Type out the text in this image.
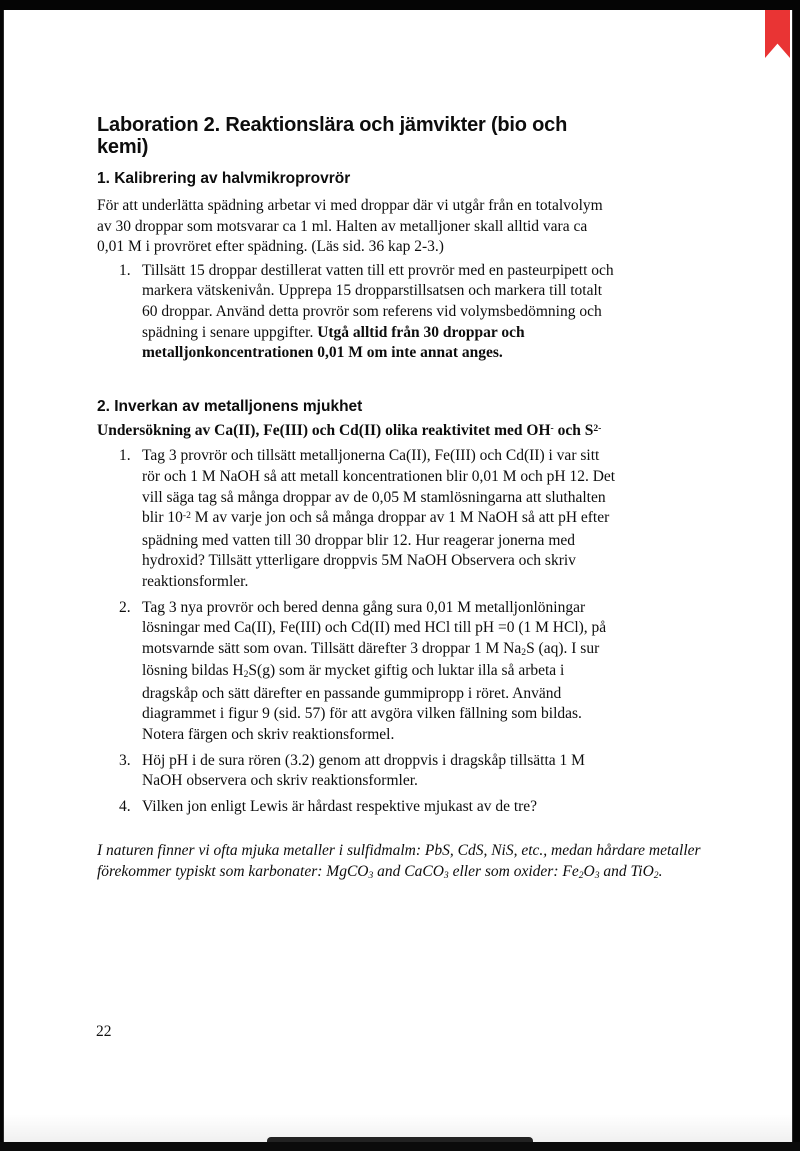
Laboration 2. Reaktionslära och jämvikter (bio och kemi)
1. Kalibrering av halvmikroprovrör

För att underlätta spädning arbetar vi med droppar där vi utgår från en totalvolym av 30 droppar som motsvarar ca 1 ml. Halten av metalljoner skall alltid vara ca 0,01 M i provröret efter spädning. (Läs sid. 36 kap 2-3.)

1. Tillsätt 15 droppar destillerat vatten till ett provrör med en pasteurpipett och markera vätskenivån. Upprepa 15 dropparstillsatsen och markera till totalt 60 droppar. Använd detta provrör som referens vid volymsbedömning och spädning i senare uppgifter. Utgå alltid från 30 droppar och metalljonkoncentrationen 0,01 M om inte annat anges.
2. Inverkan av metalljonens mjukhet

Undersökning av Ca(II), Fe(III) och Cd(II) olika reaktivitet med OH- och $S^{2-}$

1. Tag 3 provrör och tillsätt metalljonerna Ca(II), Fe(III) och Cd(II) i var sitt rör och 1 M NaOH så att metall koncentrationen blir 0,01 M och pH 12. Det vill säga tag så många droppar av de 0,05 M stamlösningarna att sluthalten blir $10^{-2}$ M av varje jon och så många droppar av 1 M NaOH så att pH efter spädning med vatten till 30 droppar blir 12. Hur reagerar jonerna med hydroxid? Tillsätt ytterligare droppvis 5M NaOH Observera och skriv reaktionsformler.
2. Tag 3 nya provrör och bered denna gång sura 0,01 M metalljonlöningar lösningar med Ca(II), Fe(III) och Cd(II) med HCl till pH =0 (1 M HCl), på motsvarnde sätt som ovan. Tillsätt därefter 3 droppar 1 M Na2S (aq). I sur lösning bildas H2S(g) som är mycket giftig och luktar illa så arbeta i dragskåp och sätt därefter en passande gummipropp i röret. Använd diagrammet i figur 9 (sid. 57) för att avgöra vilken fällning som bildas. Notera färgen och skriv reaktionsformel.
3. Höj pH i de sura rören (3.2) genom att droppvis i dragskåp tillsätta 1 M NaOH observera och skriv reaktionsformler.
4. Vilken jon enligt Lewis är hårdast respektive mjukast av de tre?

I naturen finner vi ofta mjuka metaller i sulfidmalm: PbS, CdS, NiS, etc., medan hårdare metaller förekommer typiskt som karbonater: MgCO3 and CaCO3 eller som oxider: Fe2O3 and TiO2.

22
